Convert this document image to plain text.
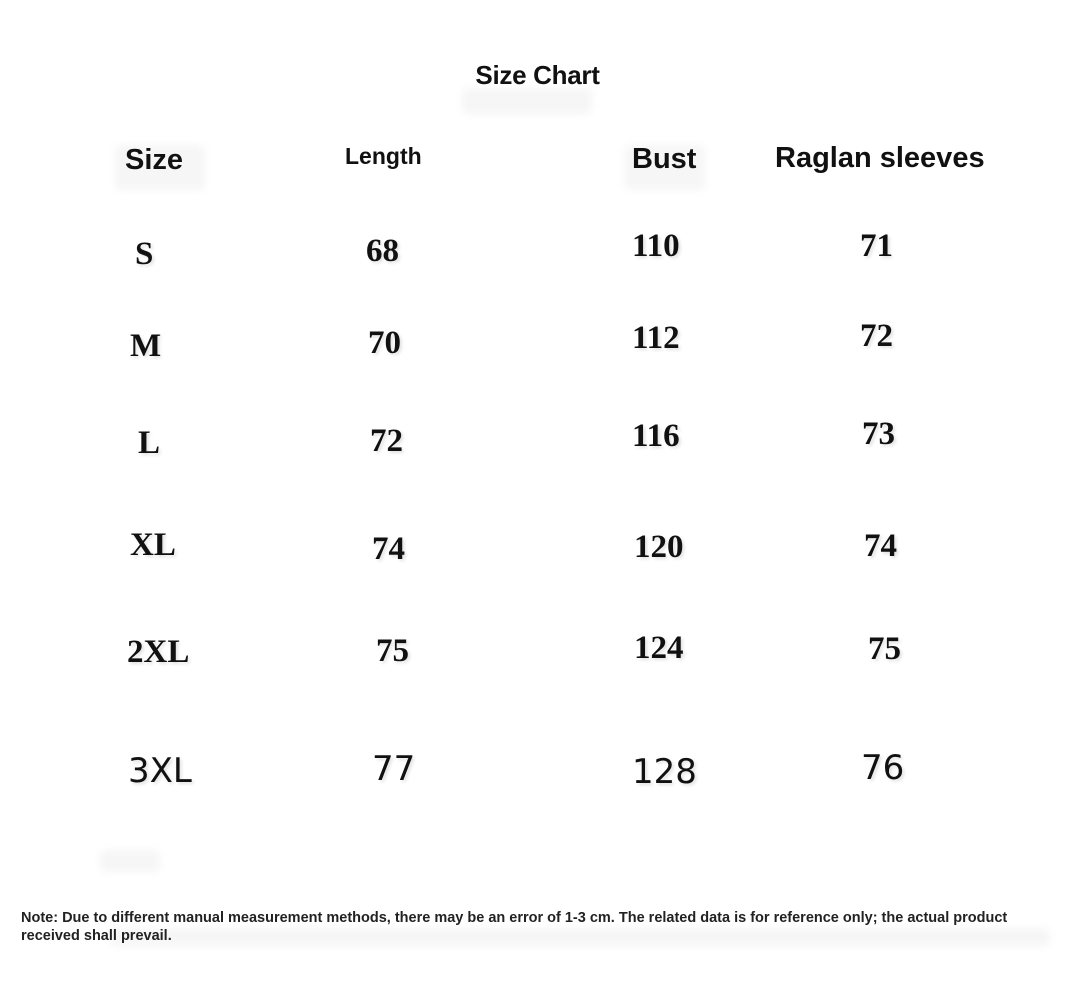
Size Chart
Size	Length	Bust	Raglan sleeves
S	68	110	71
M	70	112	72
L	72	116	73
XL	74	120	74
2XL	75	124	75
3XL	77	128	76
Note: Due to different manual measurement methods, there may be an error of 1-3 cm. The related data is for reference only; the actual product received shall prevail.
